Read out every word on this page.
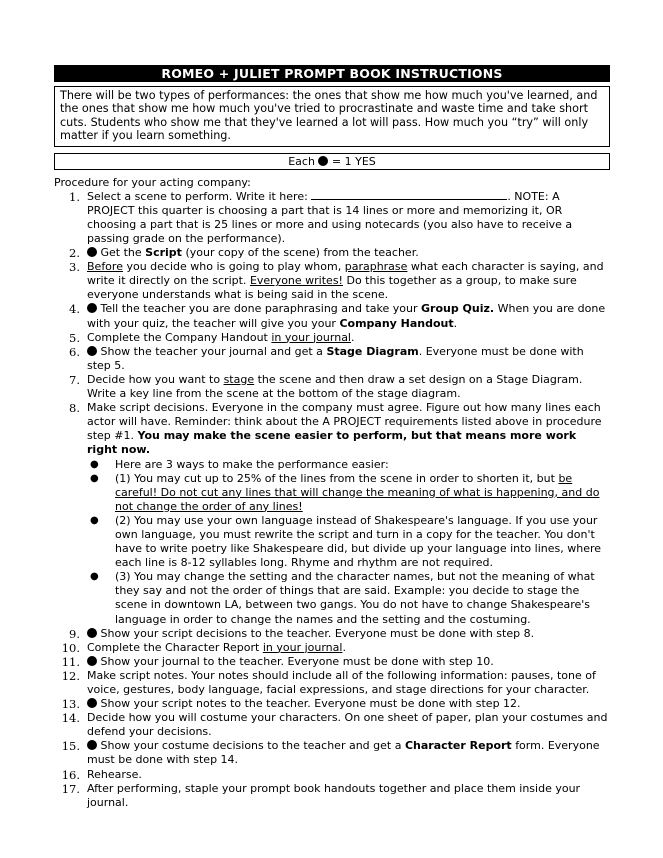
ROMEO + JULIET PROMPT BOOK INSTRUCTIONS
There will be two types of performances: the ones that show me how much you've learned, and the ones that show me how much you've tried to procrastinate and waste time and take short cuts. Students who show me that they've learned a lot will pass. How much you “try” will only matter if you learn something.
Each = 1 YES
Procedure for your acting company:
1. Select a scene to perform. Write it here:	. NOTE: A PROJECT this quarter is choosing a part that is 14 lines or more and memorizing it, OR choosing a part that is 25 lines or more and using notecards (you also have to receive a passing grade on the performance).
2. Get the Script (your copy of the scene) from the teacher.
3. Before you decide who is going to play whom, paraphrase what each character is saying, and write it directly on the script. Everyone writes! Do this together as a group, to make sure everyone understands what is being said in the scene.
4. Tell the teacher you are done paraphrasing and take your Group Quiz. When you are done with your quiz, the teacher will give you your Company Handout.
5. Complete the Company Handout in your journal.
6. Show the teacher your journal and get a Stage Diagram. Everyone must be done with step 5.
7. Decide how you want to stage the scene and then draw a set design on a Stage Diagram. Write a key line from the scene at the bottom of the stage diagram.
8. Make script decisions. Everyone in the company must agree. Figure out how many lines each actor will have. Reminder: think about the A PROJECT requirements listed above in procedure step #1. You may make the scene easier to perform, but that means more work right now.
● Here are 3 ways to make the performance easier:
● (1) You may cut up to 25% of the lines from the scene in order to shorten it, but be careful! Do not cut any lines that will change the meaning of what is happening, and do not change the order of any lines!
● (2) You may use your own language instead of Shakespeare's language. If you use your own language, you must rewrite the script and turn in a copy for the teacher. You don't have to write poetry like Shakespeare did, but divide up your language into lines, where each line is 8-12 syllables long. Rhyme and rhythm are not required.
● (3) You may change the setting and the character names, but not the meaning of what they say and not the order of things that are said. Example: you decide to stage the scene in downtown LA, between two gangs. You do not have to change Shakespeare's language in order to change the names and the setting and the costuming.
9. Show your script decisions to the teacher. Everyone must be done with step 8.
10. Complete the Character Report in your journal.
11. Show your journal to the teacher. Everyone must be done with step 10.
12. Make script notes. Your notes should include all of the following information: pauses, tone of voice, gestures, body language, facial expressions, and stage directions for your character.
13. Show your script notes to the teacher. Everyone must be done with step 12.
14. Decide how you will costume your characters. On one sheet of paper, plan your costumes and defend your decisions.
15. Show your costume decisions to the teacher and get a Character Report form. Everyone must be done with step 14.
16. Rehearse.
17. After performing, staple your prompt book handouts together and place them inside your journal.
